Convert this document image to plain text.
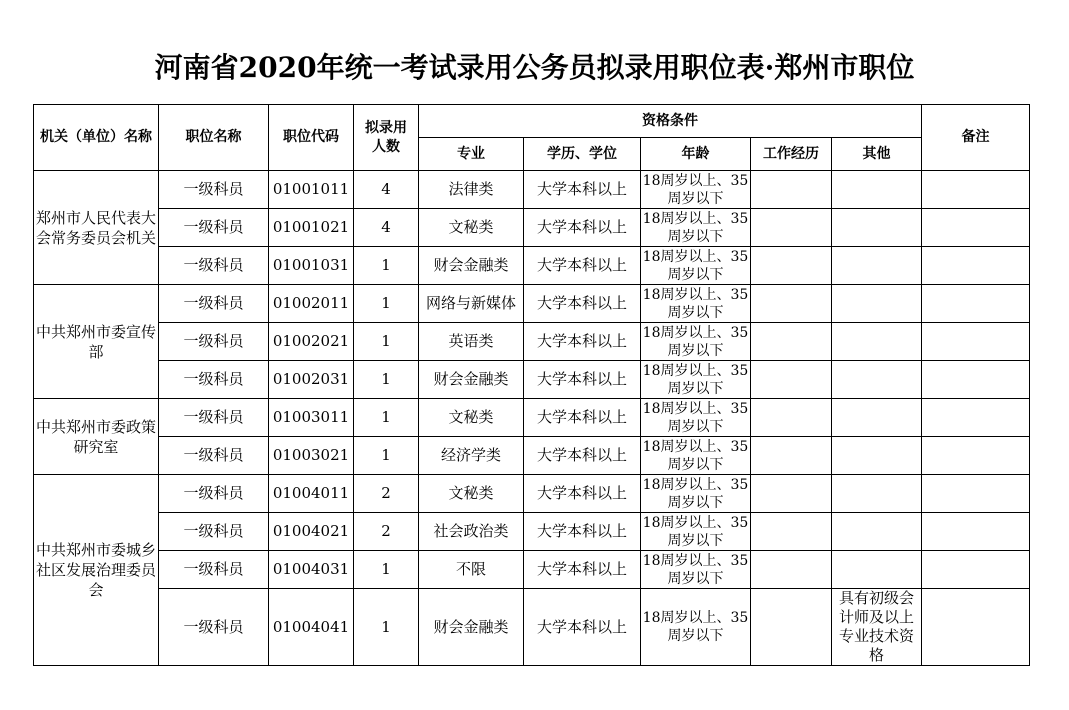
河南省2020年统一考试录用公务员拟录用职位表·郑州市职位
机关（单位）名称	职位名称	职位代码	拟录用人数	资格条件					备注
				专业	学历、学位	年龄	工作经历	其他	
郑州市人民代表大会常务委员会机关	一级科员	01001011	4	法律类	大学本科以上	18周岁以上、35周岁以下			
	一级科员	01001021	4	文秘类	大学本科以上	18周岁以上、35周岁以下			
	一级科员	01001031	1	财会金融类	大学本科以上	18周岁以上、35周岁以下			
中共郑州市委宣传部	一级科员	01002011	1	网络与新媒体	大学本科以上	18周岁以上、35周岁以下			
	一级科员	01002021	1	英语类	大学本科以上	18周岁以上、35周岁以下			
	一级科员	01002031	1	财会金融类	大学本科以上	18周岁以上、35周岁以下			
中共郑州市委政策研究室	一级科员	01003011	1	文秘类	大学本科以上	18周岁以上、35周岁以下			
	一级科员	01003021	1	经济学类	大学本科以上	18周岁以上、35周岁以下			
中共郑州市委城乡社区发展治理委员会	一级科员	01004011	2	文秘类	大学本科以上	18周岁以上、35周岁以下			
	一级科员	01004021	2	社会政治类	大学本科以上	18周岁以上、35周岁以下			
	一级科员	01004031	1	不限	大学本科以上	18周岁以上、35周岁以下			
	一级科员	01004041	1	财会金融类	大学本科以上	18周岁以上、35周岁以下		具有初级会计师及以上专业技术资格	
